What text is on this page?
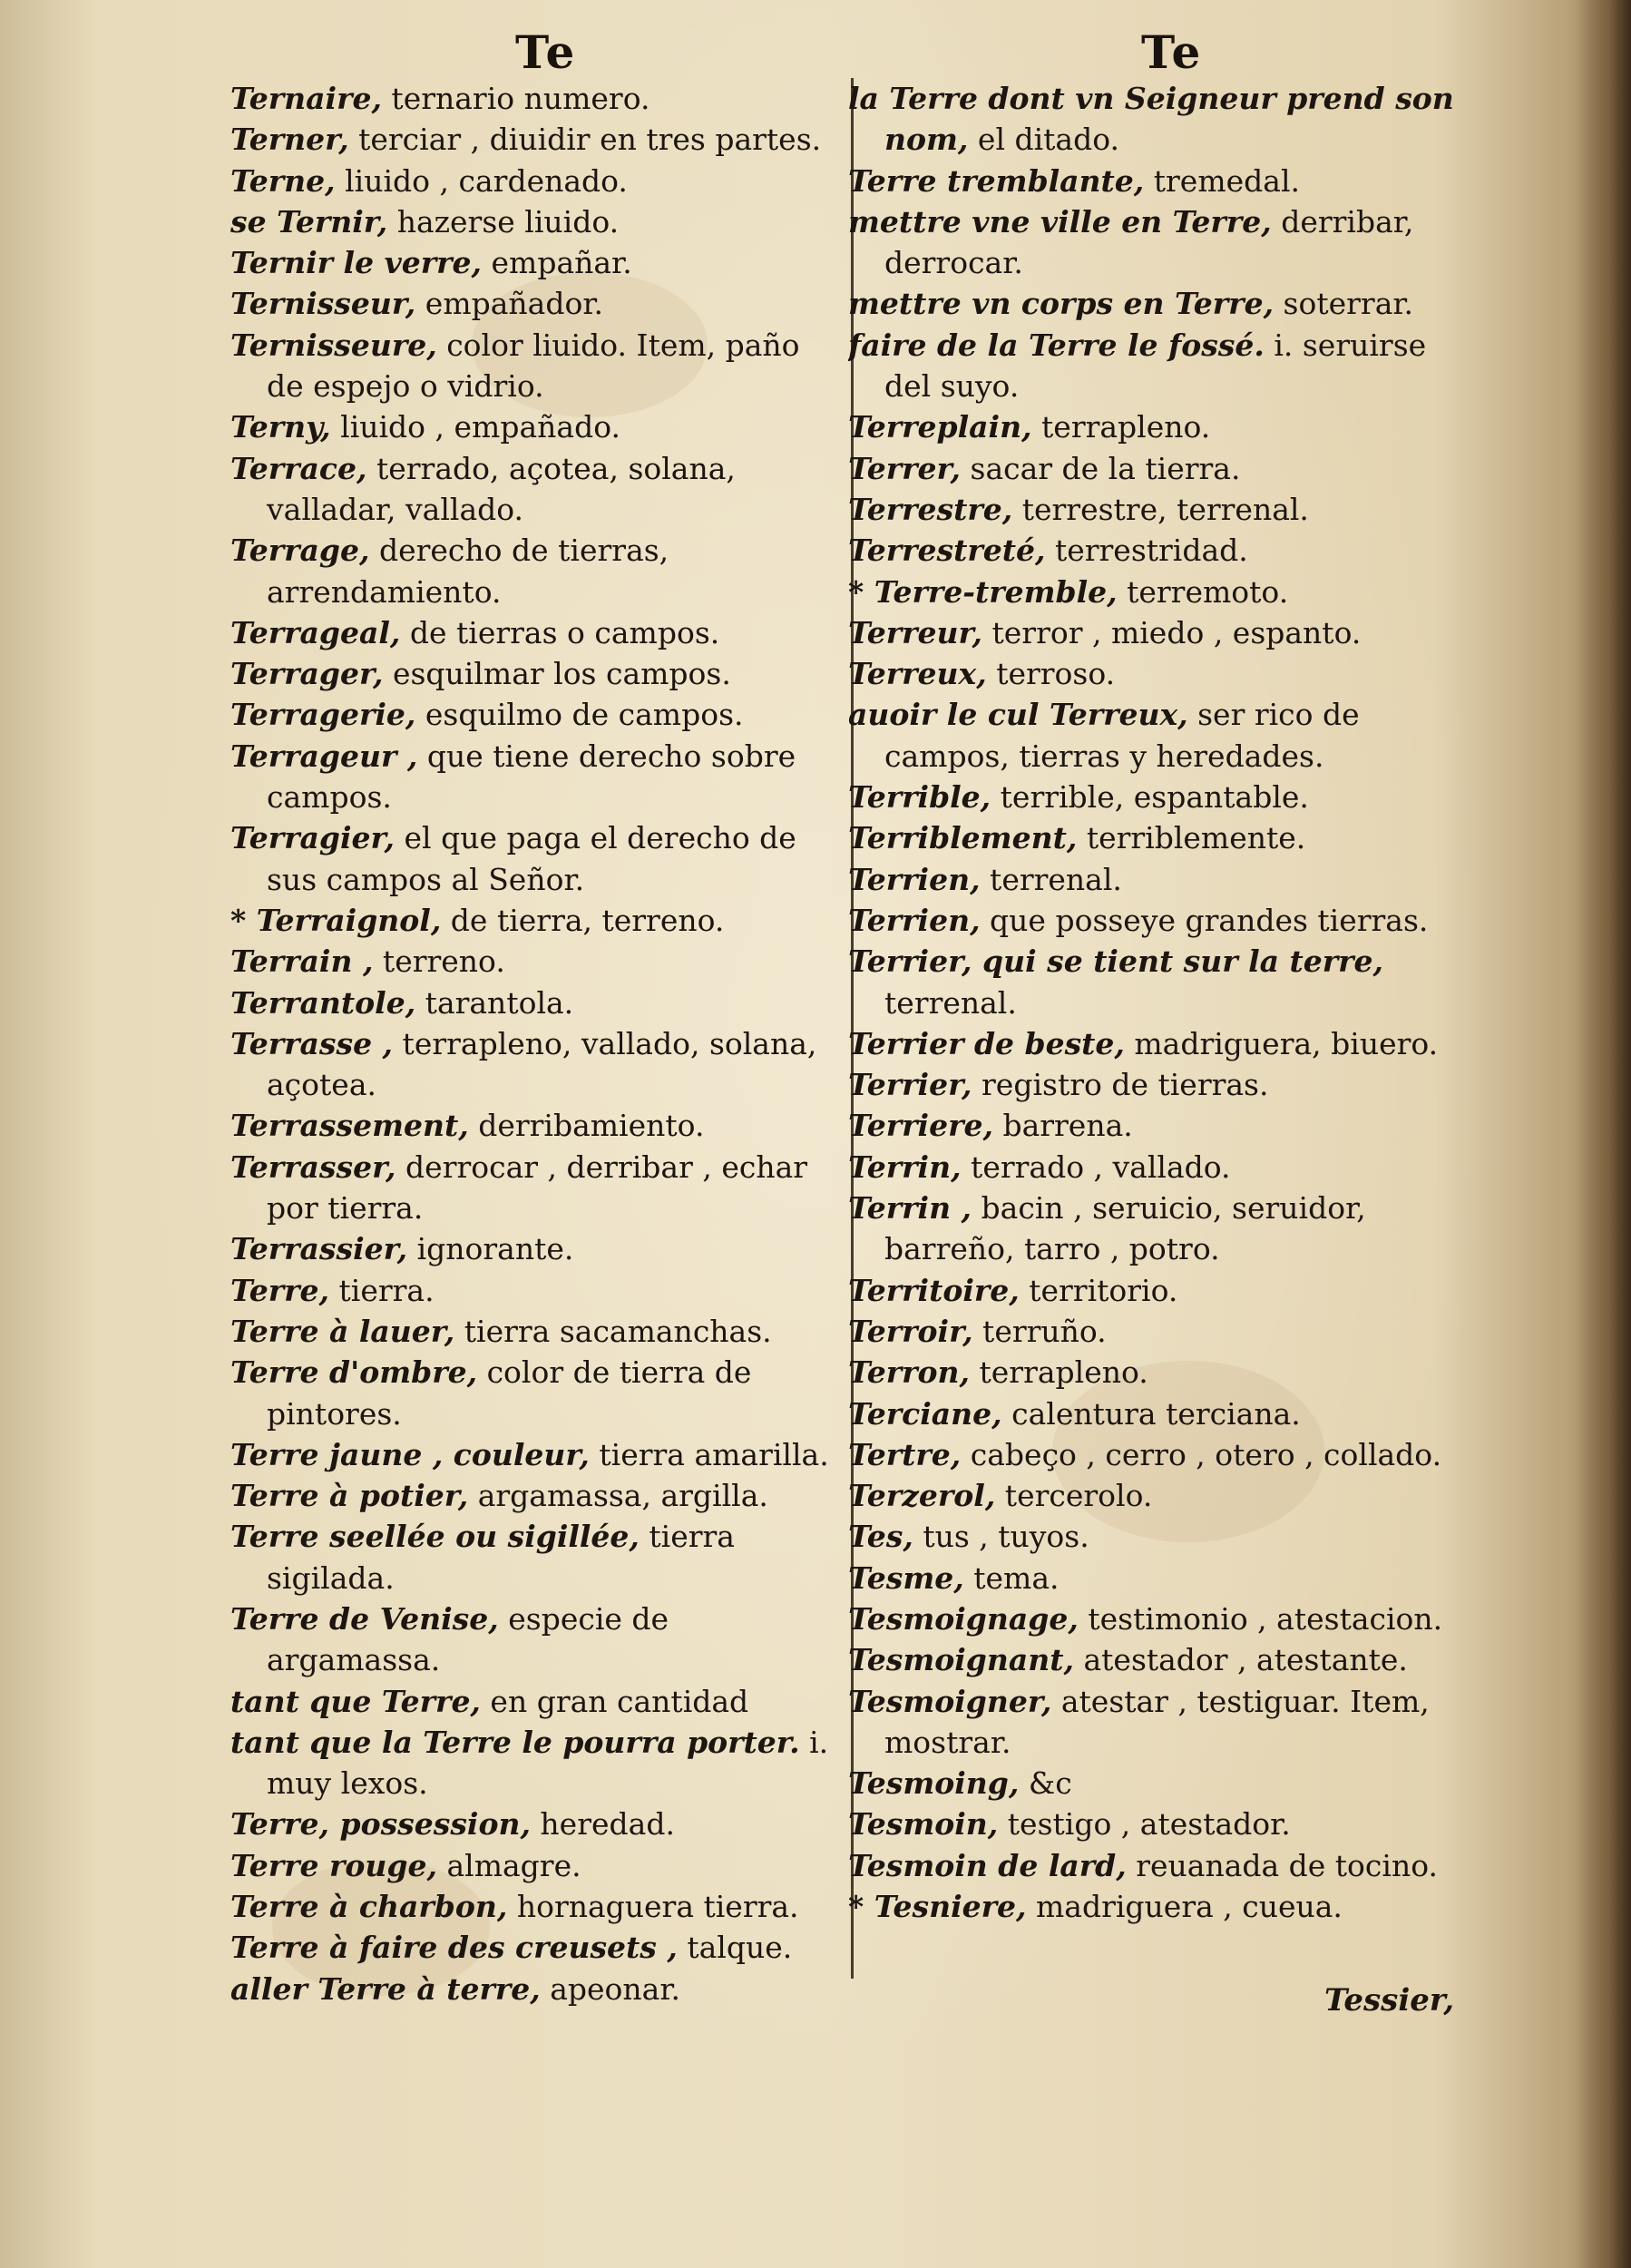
Te	Te
Ternaire, ternario numero.
Terner, terciar , diuidir en tres partes.
Terne, liuido , cardenado.
se Ternir, hazerse liuido.
Ternir le verre, empañar.
Ternisseur, empañador.
Ternisseure, color liuido. Item, paño de espejo o vidrio.
Terny, liuido , empañado.
Terrace, terrado, açotea, solana, valladar, vallado.
Terrage, derecho de tierras, arrendamiento.
Terrageal, de tierras o campos.
Terrager, esquilmar los campos.
Terragerie, esquilmo de campos.
Terrageur , que tiene derecho sobre campos.
Terragier, el que paga el derecho de sus campos al Señor.
* Terraignol, de tierra, terreno.
Terrain , terreno.
Terrantole, tarantola.
Terrasse , terrapleno, vallado, solana, açotea.
Terrassement, derribamiento.
Terrasser, derrocar , derribar , echar por tierra.
Terrassier, ignorante.
Terre, tierra.
Terre à lauer, tierra sacamanchas.
Terre d'ombre, color de tierra de pintores.
Terre jaune , couleur, tierra amarilla.
Terre à potier, argamassa, argilla.
Terre seellée ou sigillée, tierra sigilada.
Terre de Venise, especie de argamassa.
tant que Terre, en gran cantidad
tant que la Terre le pourra porter. i. muy lexos.
Terre, possession, heredad.
Terre rouge, almagre.
Terre à charbon, hornaguera tierra.
Terre à faire des creusets , talque.
aller Terre à terre, apeonar.
la Terre dont vn Seigneur prend son nom, el ditado.
Terre tremblante, tremedal.
mettre vne ville en Terre, derribar, derrocar.
mettre vn corps en Terre, soterrar.
faire de la Terre le fossé. i. seruirse del suyo.
Terreplain, terrapleno.
Terrer, sacar de la tierra.
Terrestre, terrestre, terrenal.
Terrestreté, terrestridad.
* Terre-tremble, terremoto.
Terreur, terror , miedo , espanto.
Terreux, terroso.
auoir le cul Terreux, ser rico de campos, tierras y heredades.
Terrible, terrible, espantable.
Terriblement, terriblemente.
Terrien, terrenal.
Terrien, que posseye grandes tierras.
Terrier, qui se tient sur la terre, terrenal.
Terrier de beste, madriguera, biuero.
Terrier, registro de tierras.
Terriere, barrena.
Terrin, terrado , vallado.
Terrin , bacin , seruicio, seruidor, barreño, tarro , potro.
Territoire, territorio.
Terroir, terruño.
Terron, terrapleno.
Terciane, calentura terciana.
Tertre, cabeço , cerro , otero , collado.
Terzerol, tercerolo.
Tes, tus , tuyos.
Tesme, tema.
Tesmoignage, testimonio , atestacion.
Tesmoignant, atestador , atestante.
Tesmoigner, atestar , testiguar. Item, mostrar.
Tesmoing, &c
Tesmoin, testigo , atestador.
Tesmoin de lard, reuanada de tocino.
* Tesniere, madriguera , cueua.
Tessier,
